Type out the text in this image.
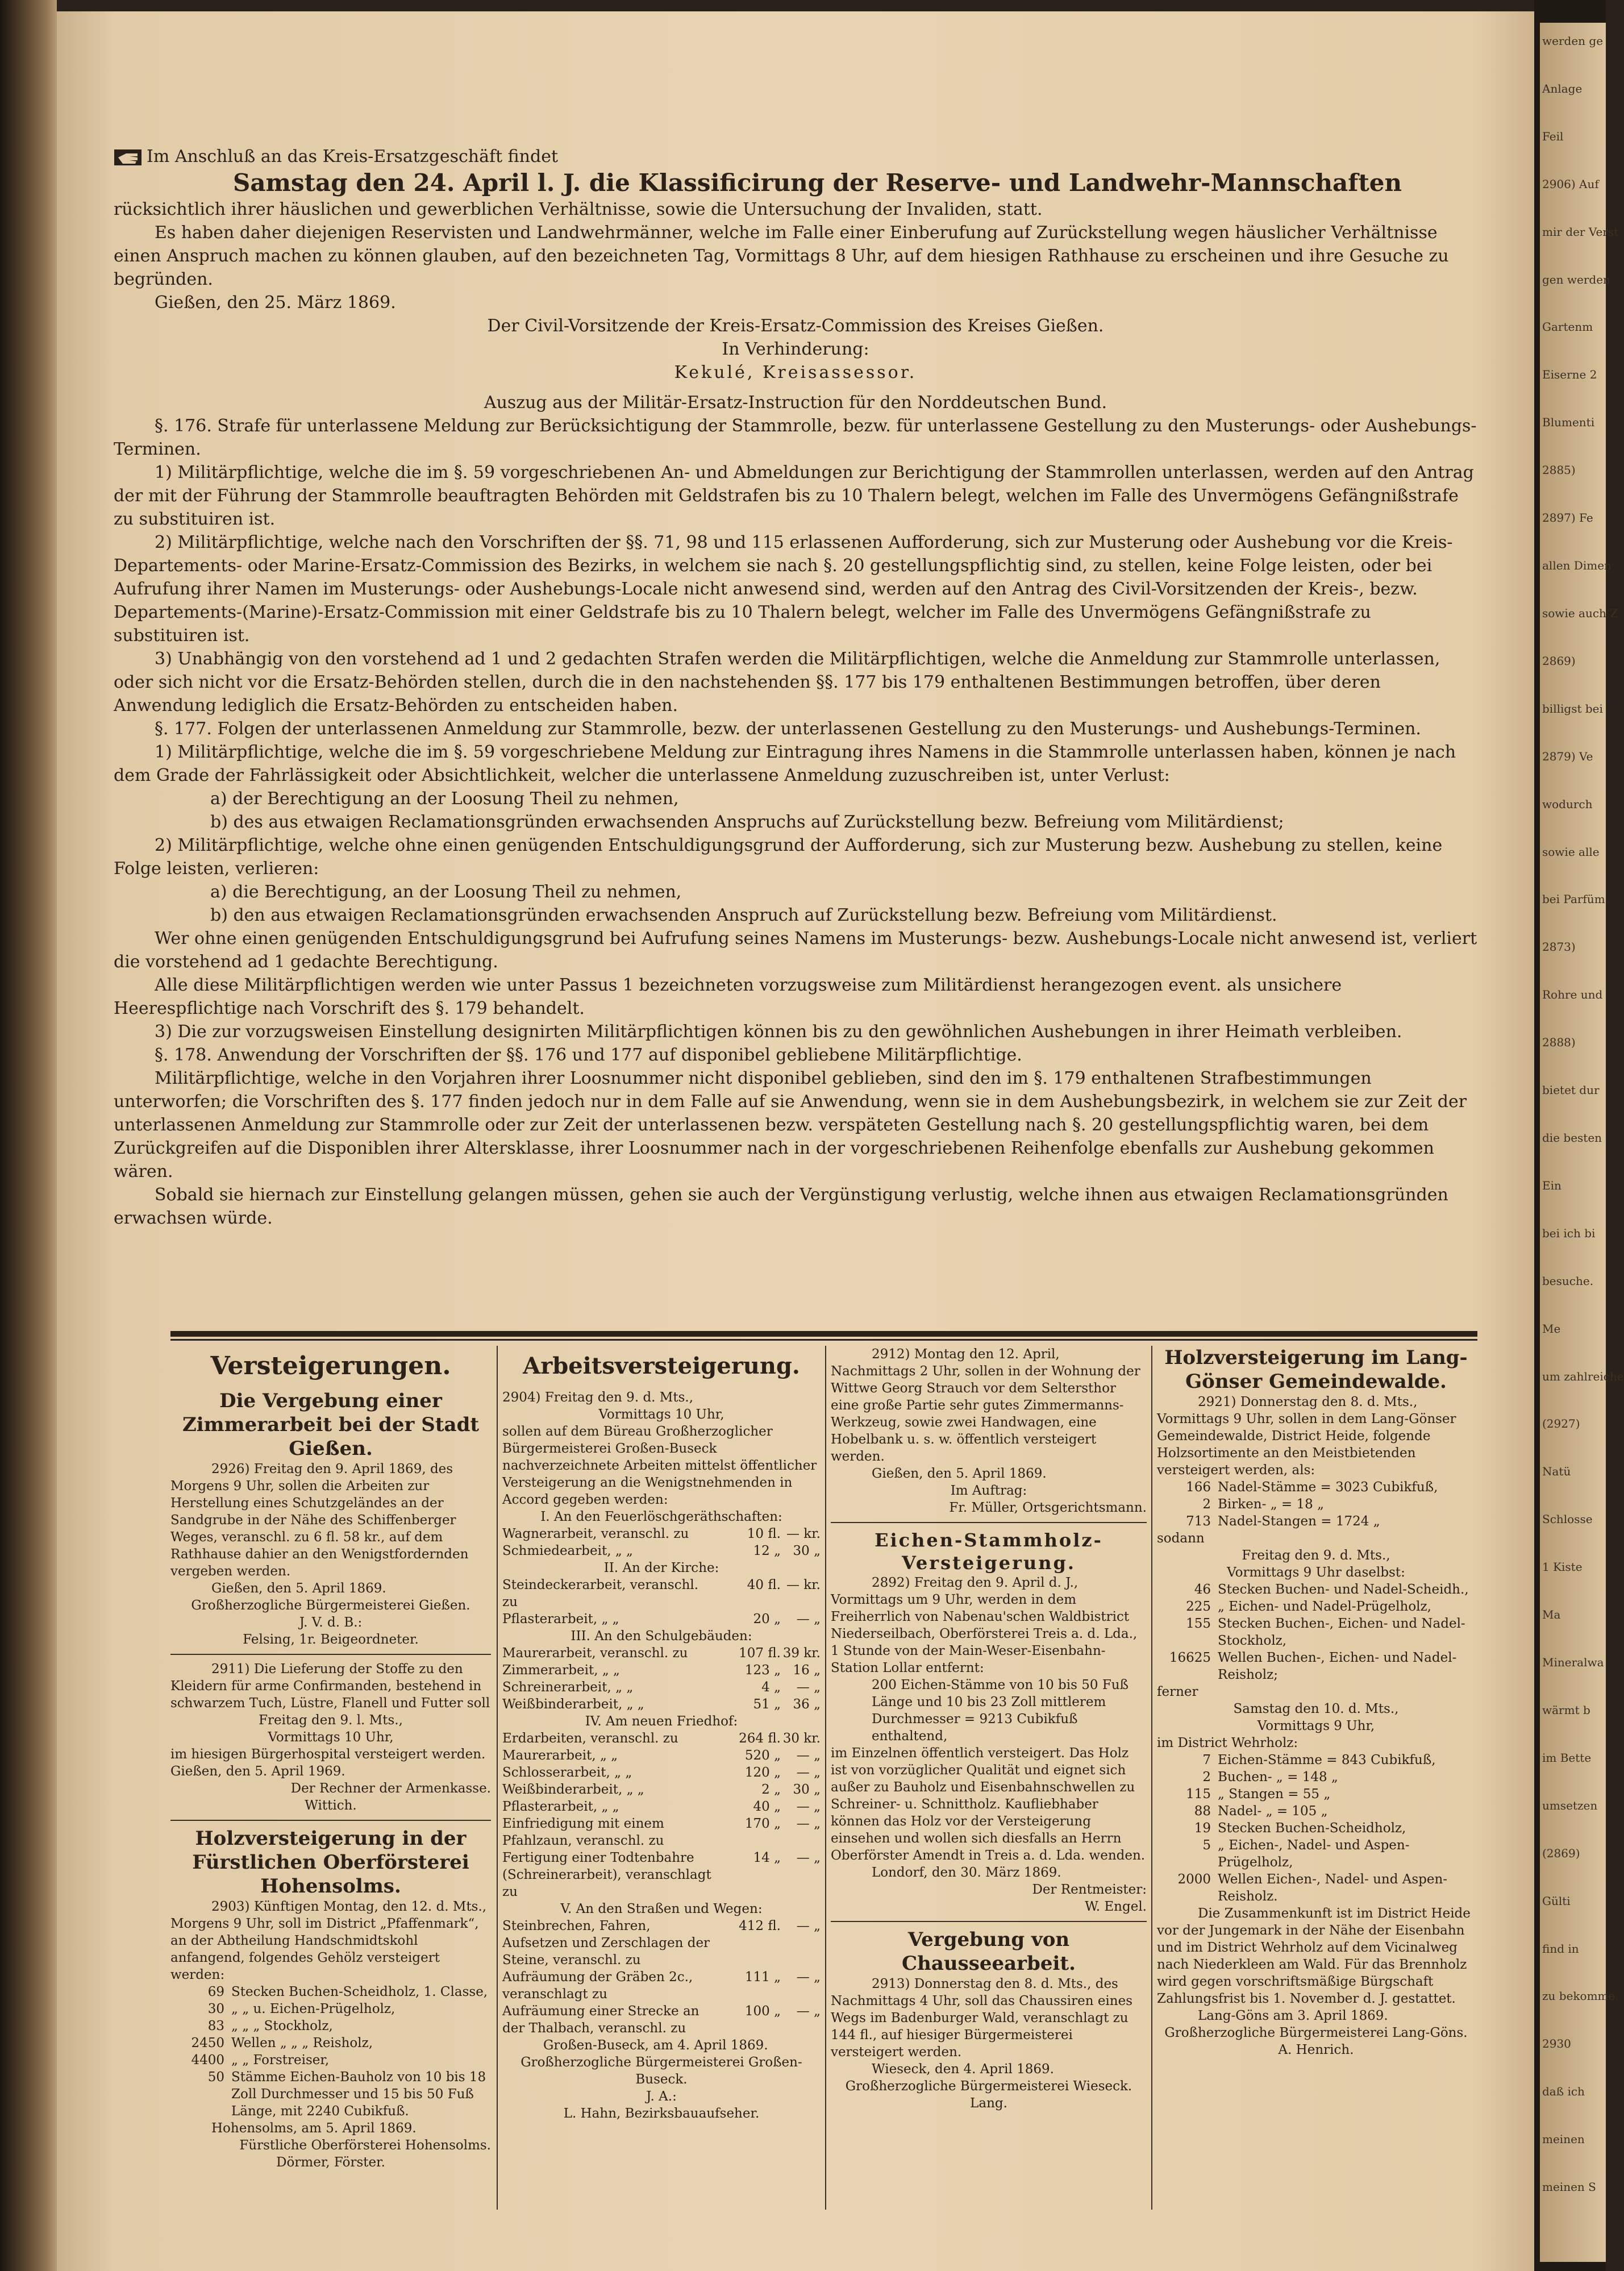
werden ge
Anlage
Feil
2906) Auf
mir der Verst
gen werden
Gartenm
Eiserne 2
Blumenti
2885)
2897) Fe
allen Dimen
sowie auch Z
2869)
billigst bei
2879) Ve
wodurch
sowie alle
bei Parfüm
2873)
Rohre und
2888)
bietet dur
die besten
Ein
bei ich bi
besuche.
Me
um zahlreiche
(2927)
Natü
Schlosse
1 Kiste
Ma
Mineralwa
wärmt b
im Bette
umsetzen
(2869)
Gülti
find in
zu bekomme
2930
daß ich
meinen
meinen S

Im Anschluß an das Kreis-Ersatzgeschäft findet

Samstag den 24. April l. J. die Klassificirung der Reserve- und Landwehr-Mannschaften

rücksichtlich ihrer häuslichen und gewerblichen Verhältnisse, sowie die Untersuchung der Invaliden, statt.

Es haben daher diejenigen Reservisten und Landwehrmänner, welche im Falle einer Einberufung auf Zurückstellung wegen häuslicher Verhältnisse einen Anspruch machen zu können glauben, auf den bezeichneten Tag, Vormittags 8 Uhr, auf dem hiesigen Rathhause zu erscheinen und ihre Gesuche zu begründen.

Gießen, den 25. März 1869.

Der Civil-Vorsitzende der Kreis-Ersatz-Commission des Kreises Gießen.

In Verhinderung:

Kekulé, Kreisassessor.

Auszug aus der Militär-Ersatz-Instruction für den Norddeutschen Bund.

§. 176. Strafe für unterlassene Meldung zur Berücksichtigung der Stammrolle, bezw. für unterlassene Gestellung zu den Musterungs- oder Aushebungs-Terminen.

1) Militärpflichtige, welche die im §. 59 vorgeschriebenen An- und Abmeldungen zur Berichtigung der Stammrollen unterlassen, werden auf den Antrag der mit der Führung der Stammrolle beauftragten Behörden mit Geldstrafen bis zu 10 Thalern belegt, welchen im Falle des Unvermögens Gefängnißstrafe zu substituiren ist.

2) Militärpflichtige, welche nach den Vorschriften der §§. 71, 98 und 115 erlassenen Aufforderung, sich zur Musterung oder Aushebung vor die Kreis-Departements- oder Marine-Ersatz-Commission des Bezirks, in welchem sie nach §. 20 gestellungspflichtig sind, zu stellen, keine Folge leisten, oder bei Aufrufung ihrer Namen im Musterungs- oder Aushebungs-Locale nicht anwesend sind, werden auf den Antrag des Civil-Vorsitzenden der Kreis-, bezw. Departements-(Marine)-Ersatz-Commission mit einer Geldstrafe bis zu 10 Thalern belegt, welcher im Falle des Unvermögens Gefängnißstrafe zu substituiren ist.

3) Unabhängig von den vorstehend ad 1 und 2 gedachten Strafen werden die Militärpflichtigen, welche die Anmeldung zur Stammrolle unterlassen, oder sich nicht vor die Ersatz-Behörden stellen, durch die in den nachstehenden §§. 177 bis 179 enthaltenen Bestimmungen betroffen, über deren Anwendung lediglich die Ersatz-Behörden zu entscheiden haben.

§. 177. Folgen der unterlassenen Anmeldung zur Stammrolle, bezw. der unterlassenen Gestellung zu den Musterungs- und Aushebungs-Terminen.

1) Militärpflichtige, welche die im §. 59 vorgeschriebene Meldung zur Eintragung ihres Namens in die Stammrolle unterlassen haben, können je nach dem Grade der Fahrlässigkeit oder Absichtlichkeit, welcher die unterlassene Anmeldung zuzuschreiben ist, unter Verlust:

a) der Berechtigung an der Loosung Theil zu nehmen,

b) des aus etwaigen Reclamationsgründen erwachsenden Anspruchs auf Zurückstellung bezw. Befreiung vom Militärdienst;

2) Militärpflichtige, welche ohne einen genügenden Entschuldigungsgrund der Aufforderung, sich zur Musterung bezw. Aushebung zu stellen, keine Folge leisten, verlieren:

a) die Berechtigung, an der Loosung Theil zu nehmen,

b) den aus etwaigen Reclamationsgründen erwachsenden Anspruch auf Zurückstellung bezw. Befreiung vom Militärdienst.

Wer ohne einen genügenden Entschuldigungsgrund bei Aufrufung seines Namens im Musterungs- bezw. Aushebungs-Locale nicht anwesend ist, verliert die vorstehend ad 1 gedachte Berechtigung.

Alle diese Militärpflichtigen werden wie unter Passus 1 bezeichneten vorzugsweise zum Militärdienst herangezogen event. als unsichere Heerespflichtige nach Vorschrift des §. 179 behandelt.

3) Die zur vorzugsweisen Einstellung designirten Militärpflichtigen können bis zu den gewöhnlichen Aushebungen in ihrer Heimath verbleiben.

§. 178. Anwendung der Vorschriften der §§. 176 und 177 auf disponibel gebliebene Militärpflichtige.

Militärpflichtige, welche in den Vorjahren ihrer Loosnummer nicht disponibel geblieben, sind den im §. 179 enthaltenen Strafbestimmungen unterworfen; die Vorschriften des §. 177 finden jedoch nur in dem Falle auf sie Anwendung, wenn sie in dem Aushebungsbezirk, in welchem sie zur Zeit der unterlassenen Anmeldung zur Stammrolle oder zur Zeit der unterlassenen bezw. verspäteten Gestellung nach §. 20 gestellungspflichtig waren, bei dem Zurückgreifen auf die Disponiblen ihrer Altersklasse, ihrer Loosnummer nach in der vorgeschriebenen Reihenfolge ebenfalls zur Aushebung gekommen wären.

Sobald sie hiernach zur Einstellung gelangen müssen, gehen sie auch der Vergünstigung verlustig, welche ihnen aus etwaigen Reclamationsgründen erwachsen würde.

Versteigerungen.

Die Vergebung einer Zimmerarbeit bei der Stadt Gießen.

2926) Freitag den 9. April 1869, des Morgens 9 Uhr, sollen die Arbeiten zur Herstellung eines Schutzgeländes an der Sandgrube in der Nähe des Schiffenberger Weges, veranschl. zu 6 fl. 58 kr., auf dem Rathhause dahier an den Wenigstfordernden vergeben werden.

Gießen, den 5. April 1869.

Großherzogliche Bürgermeisterei Gießen.

J. V. d. B.:

Felsing, 1r. Beigeordneter.

2911) Die Lieferung der Stoffe zu den Kleidern für arme Confirmanden, bestehend in schwarzem Tuch, Lüstre, Flanell und Futter soll

Freitag den 9. l. Mts.,

Vormittags 10 Uhr,

im hiesigen Bürgerhospital versteigert werden. Gießen, den 5. April 1969.

Der Rechner der Armenkasse.

Wittich.

Holzversteigerung in der Fürstlichen Oberförsterei Hohensolms.

2903) Künftigen Montag, den 12. d. Mts., Morgens 9 Uhr, soll im District „Pfaffenmark“, an der Abtheilung Handschmidtskohl anfangend, folgendes Gehölz versteigert werden:

69 Stecken Buchen-Scheidholz, 1. Classe,
30 „ „ u. Eichen-Prügelholz,
83 „ „ „ Stockholz,
2450 Wellen „ „ „ Reisholz,
4400 „ „ Forstreiser,
50 Stämme Eichen-Bauholz von 10 bis 18 Zoll Durchmesser und 15 bis 50 Fuß Länge, mit 2240 Cubikfuß.

Hohensolms, am 5. April 1869.

Fürstliche Oberförsterei Hohensolms.

Dörmer, Förster.

Arbeitsversteigerung.

2904) Freitag den 9. d. Mts.,

Vormittags 10 Uhr,

sollen auf dem Büreau Großherzoglicher Bürgermeisterei Großen-Buseck nachverzeichnete Arbeiten mittelst öffentlicher Versteigerung an die Wenigstnehmenden in Accord gegeben werden:

I. An den Feuerlöschgeräthschaften:

Wagnerarbeit, veranschl. zu	10 fl. — kr.
Schmiedearbeit, „ „	12 „ 30 „

II. An der Kirche:

Steindeckerarbeit, veranschl. zu
40 fl. — kr.
Pflasterarbeit, „ „	20 „	— „

III. An den Schulgebäuden:

Maurerarbeit, veranschl. zu	107 fl. 39 kr.
Zimmerarbeit, „ „	123 „ 16 „
Schreinerarbeit, „ „	4 „	— „
Weißbinderarbeit, „ „	51 „ 36 „

IV. Am neuen Friedhof:

Erdarbeiten, veranschl. zu	264 fl. 30 kr.
Maurerarbeit, „ „	520 „	— „
Schlosserarbeit, „ „	120 „	— „
Weißbinderarbeit, „ „	2 „ 30 „
Pflasterarbeit, „ „	40 „	— „
Einfriedigung mit einem Pfahlzaun, veranschl. zu
170 „	— „
Fertigung einer Todtenbahre (Schreinerarbeit), veranschlagt zu
14 „	— „

V. An den Straßen und Wegen:

Steinbrechen, Fahren, Aufsetzen und Zerschlagen der Steine, veranschl. zu
412 fl.	— „
Aufräumung der Gräben 2c., veranschlagt zu
111 „	— „
Aufräumung einer Strecke an der Thalbach, veranschl. zu
100 „	— „

Großen-Buseck, am 4. April 1869.

Großherzogliche Bürgermeisterei Großen-Buseck.

J. A.:

L. Hahn, Bezirksbauaufseher.

2912) Montag den 12. April, Nachmittags 2 Uhr, sollen in der Wohnung der Wittwe Georg Strauch vor dem Seltersthor eine große Partie sehr gutes Zimmermanns-Werkzeug, sowie zwei Handwagen, eine Hobelbank u. s. w. öffentlich versteigert werden.

Gießen, den 5. April 1869.

Im Auftrag:

Fr. Müller, Ortsgerichtsmann.

Eichen-Stammholz-Versteigerung.

2892) Freitag den 9. April d. J., Vormittags um 9 Uhr, werden in dem Freiherrlich von Nabenau'schen Waldbistrict Niederseilbach, Oberförsterei Treis a. d. Lda., 1 Stunde von der Main-Weser-Eisenbahn-Station Lollar entfernt:

200 Eichen-Stämme von 10 bis 50 Fuß Länge und 10 bis 23 Zoll mittlerem Durchmesser = 9213 Cubikfuß enthaltend,

im Einzelnen öffentlich versteigert. Das Holz ist von vorzüglicher Qualität und eignet sich außer zu Bauholz und Eisenbahnschwellen zu Schreiner- u. Schnittholz. Kaufliebhaber können das Holz vor der Versteigerung einsehen und wollen sich diesfalls an Herrn Oberförster Amendt in Treis a. d. Lda. wenden.

Londorf, den 30. März 1869.

Der Rentmeister:

W. Engel.

Vergebung von Chausseearbeit.

2913) Donnerstag den 8. d. Mts., des Nachmittags 4 Uhr, soll das Chaussiren eines Wegs im Badenburger Wald, veranschlagt zu 144 fl., auf hiesiger Bürgermeisterei versteigert werden.

Wieseck, den 4. April 1869.

Großherzogliche Bürgermeisterei Wieseck.

Lang.

Holzversteigerung im Lang-Gönser Gemeindewalde.

2921) Donnerstag den 8. d. Mts., Vormittags 9 Uhr, sollen in dem Lang-Gönser Gemeindewalde, District Heide, folgende Holzsortimente an den Meistbietenden versteigert werden, als:

166 Nadel-Stämme = 3023 Cubikfuß,
2 Birken- „ = 18 „
713 Nadel-Stangen = 1724 „

sodann

Freitag den 9. d. Mts.,

Vormittags 9 Uhr daselbst:

46 Stecken Buchen- und Nadel-Scheidh.,
225 „ Eichen- und Nadel-Prügelholz,
155 Stecken Buchen-, Eichen- und Nadel-Stockholz,
16625 Wellen Buchen-, Eichen- und Nadel-Reisholz;

ferner

Samstag den 10. d. Mts.,

Vormittags 9 Uhr,

im District Wehrholz:

7 Eichen-Stämme = 843 Cubikfuß,
2 Buchen- „ = 148 „
115 „ Stangen = 55 „
88 Nadel- „ = 105 „
19 Stecken Buchen-Scheidholz,
5 „ Eichen-, Nadel- und Aspen-Prügelholz,
2000 Wellen Eichen-, Nadel- und Aspen-Reisholz.

Die Zusammenkunft ist im District Heide vor der Jungemark in der Nähe der Eisenbahn und im District Wehrholz auf dem Vicinalweg nach Niederkleen am Wald. Für das Brennholz wird gegen vorschriftsmäßige Bürgschaft Zahlungsfrist bis 1. November d. J. gestattet.

Lang-Göns am 3. April 1869.

Großherzogliche Bürgermeisterei Lang-Göns.

A. Henrich.
